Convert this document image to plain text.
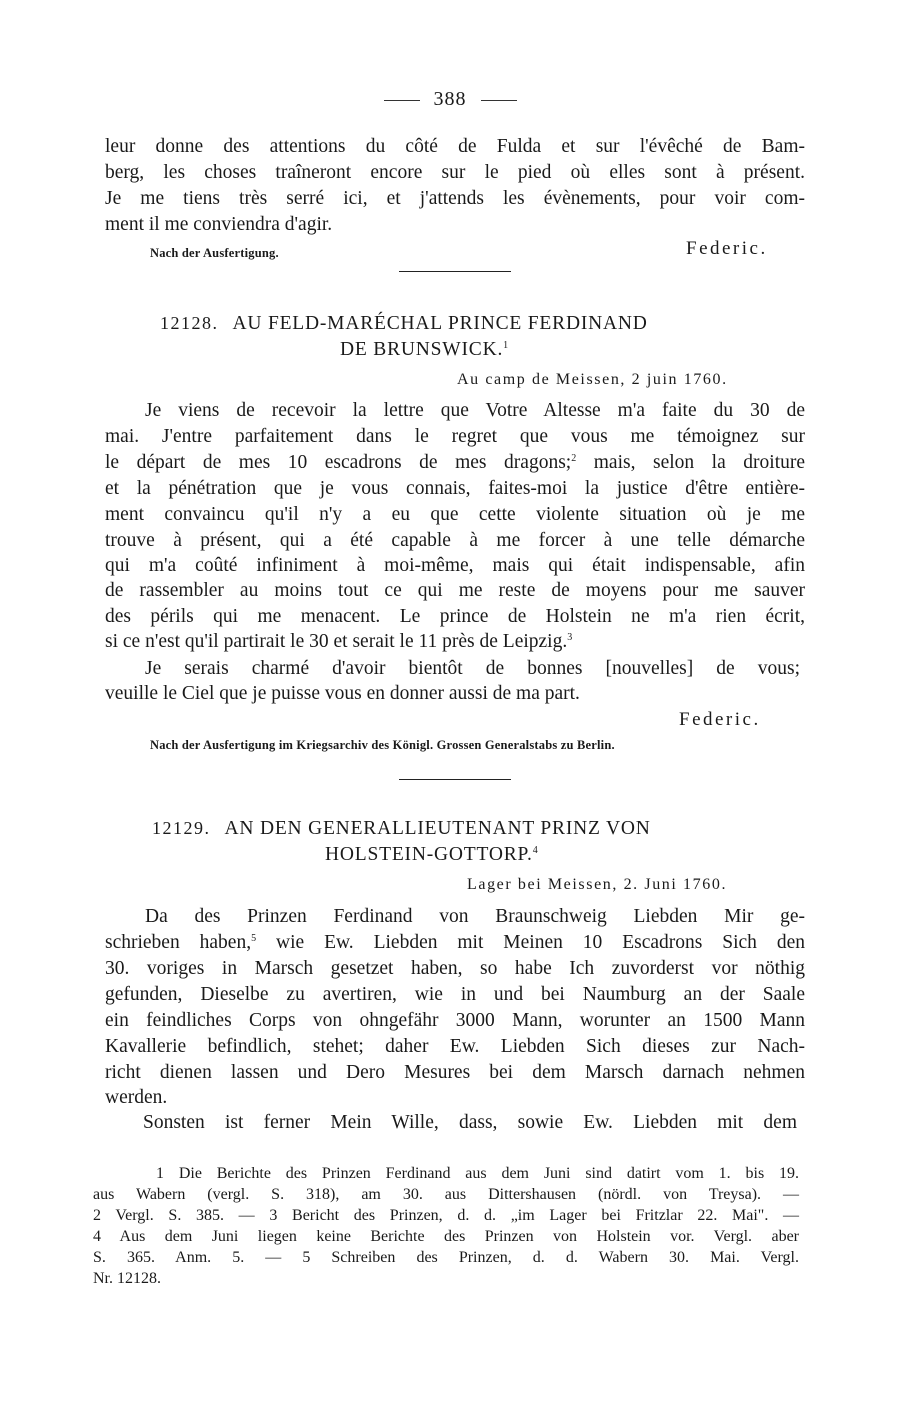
388
leur donne des attentions du côté de Fulda et sur l'évêché de Bam-
berg, les choses traîneront encore sur le pied où elles sont à présent.
Je me tiens très serré ici, et j'attends les évènements, pour voir com-
ment il me conviendra d'agir.
Nach der Ausfertigung.	Federic.
12128. AU FELD-MARÉCHAL PRINCE FERDINAND
DE BRUNSWICK.$^1$
Au camp de Meissen, 2 juin 1760.
Je viens de recevoir la lettre que Votre Altesse m'a faite du 30 de
mai. J'entre parfaitement dans le regret que vous me témoignez sur
le départ de mes 10 escadrons de mes dragons;$^2$ mais, selon la droiture
et la pénétration que je vous connais, faites-moi la justice d'être entière-
ment convaincu qu'il n'y a eu que cette violente situation où je me
trouve à présent, qui a été capable à me forcer à une telle démarche
qui m'a coûté infiniment à moi-même, mais qui était indispensable, afin
de rassembler au moins tout ce qui me reste de moyens pour me sauver
des périls qui me menacent. Le prince de Holstein ne m'a rien écrit,
si ce n'est qu'il partirait le 30 et serait le 11 près de Leipzig.$^3$
Je serais charmé d'avoir bientôt de bonnes [nouvelles] de vous;
veuille le Ciel que je puisse vous en donner aussi de ma part.
Federic.
Nach der Ausfertigung im Kriegsarchiv des Königl. Grossen Generalstabs zu Berlin.
12129. AN DEN GENERALLIEUTENANT PRINZ VON
HOLSTEIN-GOTTORP.$^4$
Lager bei Meissen, 2. Juni 1760.
Da des Prinzen Ferdinand von Braunschweig Liebden Mir ge-
schrieben haben,$^5$ wie Ew. Liebden mit Meinen 10 Escadrons Sich den
30. voriges in Marsch gesetzet haben, so habe Ich zuvorderst vor nöthig
gefunden, Dieselbe zu avertiren, wie in und bei Naumburg an der Saale
ein feindliches Corps von ohngefähr 3000 Mann, worunter an 1500 Mann
Kavallerie befindlich, stehet; daher Ew. Liebden Sich dieses zur Nach-
richt dienen lassen und Dero Mesures bei dem Marsch darnach nehmen
werden.
Sonsten ist ferner Mein Wille, dass, sowie Ew. Liebden mit dem
1 Die Berichte des Prinzen Ferdinand aus dem Juni sind datirt vom 1. bis 19.
aus Wabern (vergl. S. 318), am 30. aus Dittershausen (nördl. von Treysa). —
2 Vergl. S. 385. — 3 Bericht des Prinzen, d. d. „im Lager bei Fritzlar 22. Mai". —
4 Aus dem Juni liegen keine Berichte des Prinzen von Holstein vor. Vergl. aber
S. 365. Anm. 5. — 5 Schreiben des Prinzen, d. d. Wabern 30. Mai. Vergl.
Nr. 12128.
